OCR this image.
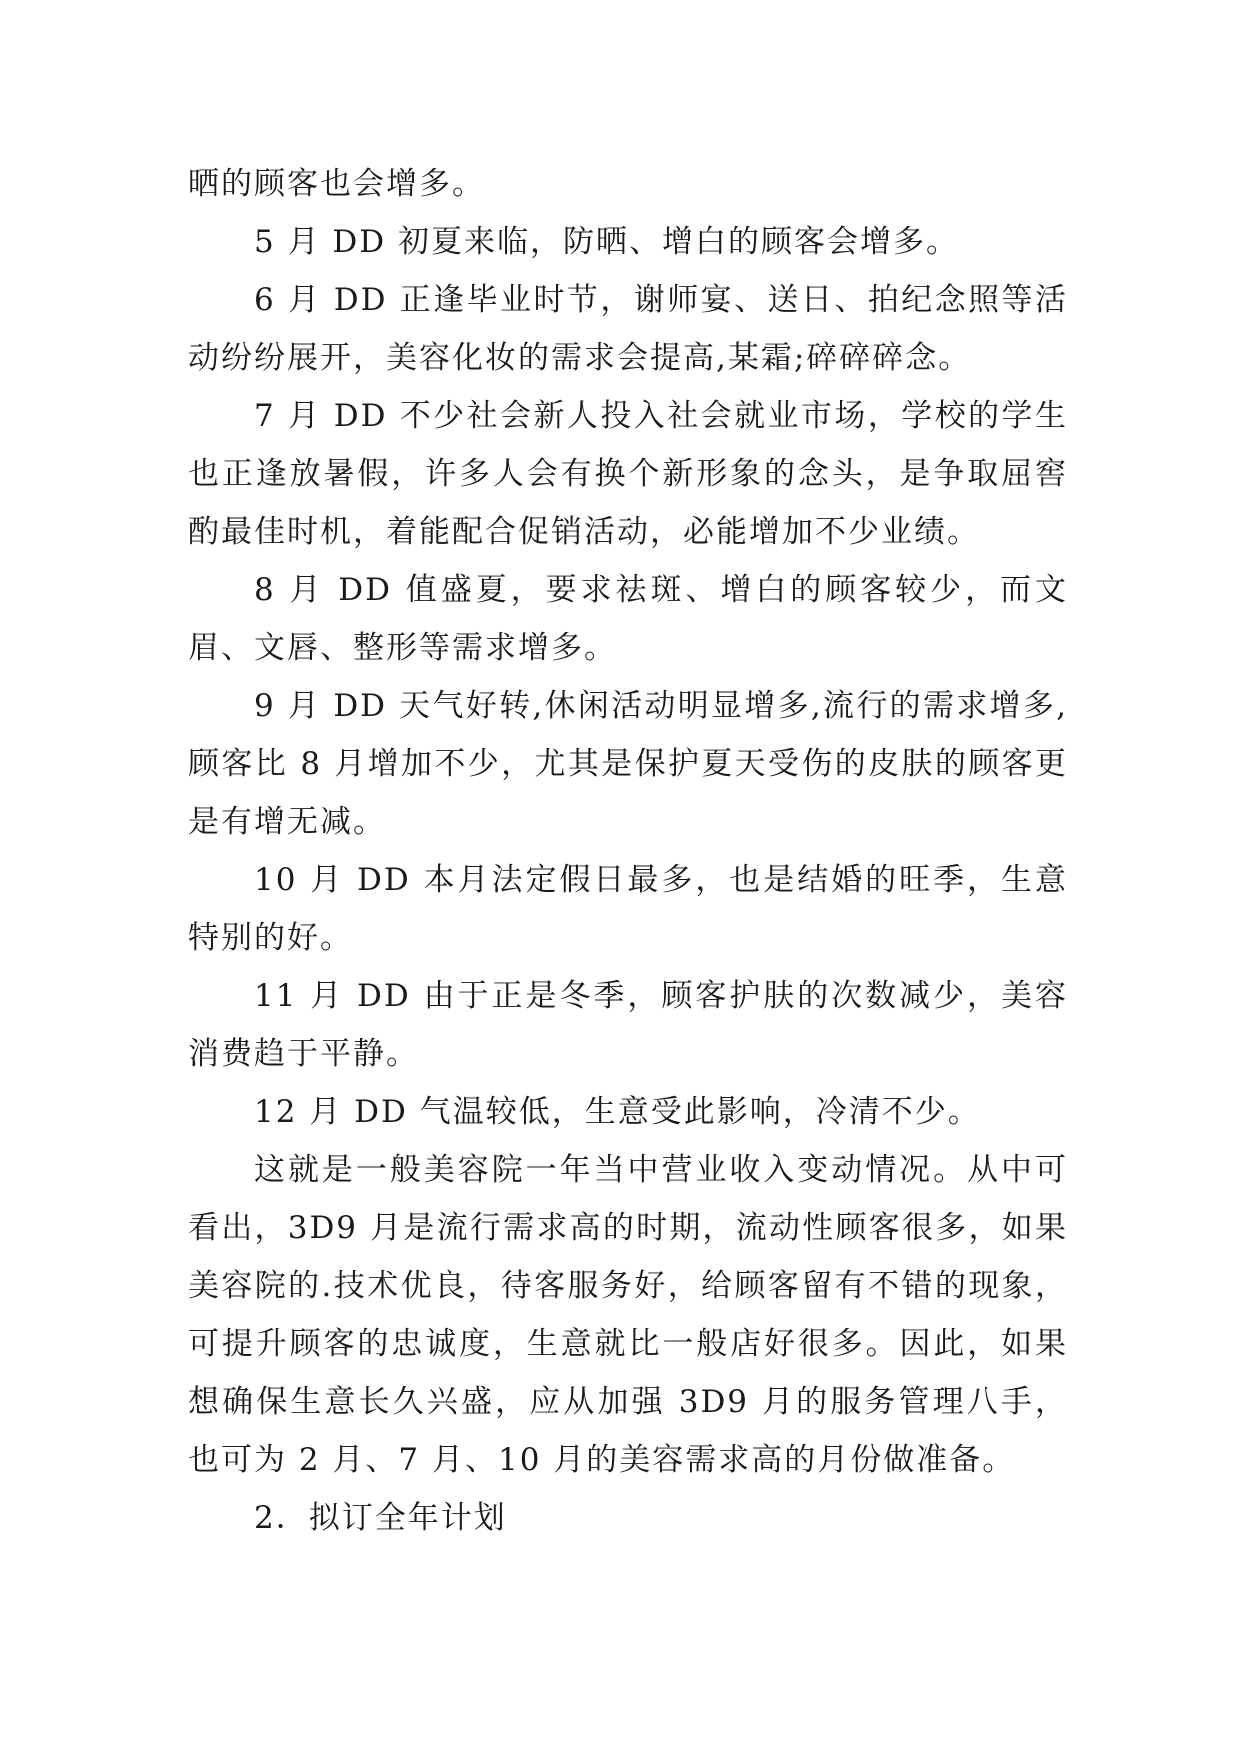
晒的顾客也会增多。

5 月 DD 初夏来临，防晒、增白的顾客会增多。

6 月 DD 正逢毕业时节，谢师宴、送日、拍纪念照等活动纷纷展开，美容化妆的需求会提高,某霜;碎碎碎念。

7 月 DD 不少社会新人投入社会就业市场，学校的学生也正逢放暑假，许多人会有换个新形象的念头，是争取屈窖酌最佳时机，着能配合促销活动，必能增加不少业绩。

8 月 DD 值盛夏，要求祛斑、增白的顾客较少，而文眉、文唇、整形等需求增多。

9 月 DD 天气好转,休闲活动明显增多,流行的需求增多,顾客比 8 月增加不少，尤其是保护夏天受伤的皮肤的顾客更是有增无减。

10 月 DD 本月法定假日最多，也是结婚的旺季，生意特别的好。

11 月 DD 由于正是冬季，顾客护肤的次数减少，美容消费趋于平静。

12 月 DD 气温较低，生意受此影响，冷清不少。

这就是一般美容院一年当中营业收入变动情况。从中可看出，3D9 月是流行需求高的时期，流动性顾客很多，如果美容院的.技术优良，待客服务好，给顾客留有不错的现象，可提升顾客的忠诚度，生意就比一般店好很多。因此，如果想确保生意长久兴盛，应从加强 3D9 月的服务管理八手，也可为 2 月、7 月、10 月的美容需求高的月份做准备。

2．拟订全年计划
